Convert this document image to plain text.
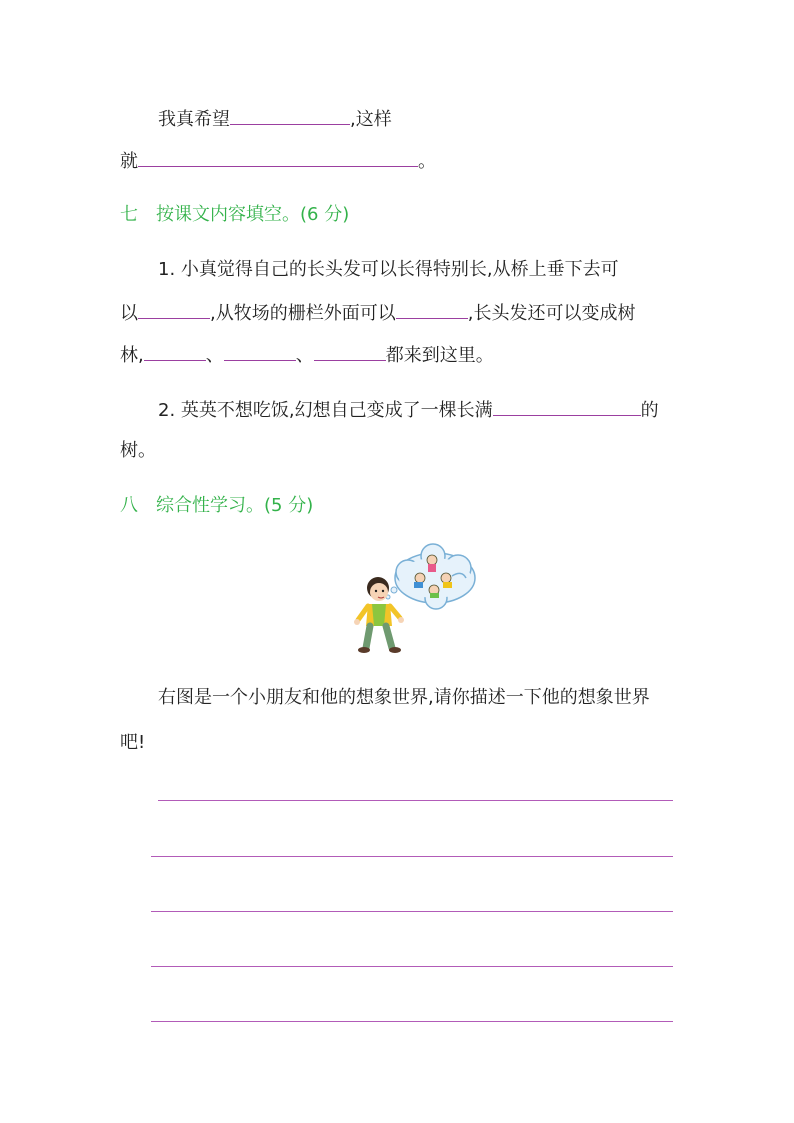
我真希望	,这样
就	。
七　按课文内容填空。(6 分)
1. 小真觉得自己的长头发可以长得特别长,从桥上垂下去可
以	,从牧场的栅栏外面可以	,长头发还可以变成树
林,	、	、	都来到这里。
2. 英英不想吃饭,幻想自己变成了一棵长满	的
树。
八　综合性学习。(5 分)
右图是一个小朋友和他的想象世界,请你描述一下他的想象世界
吧!
